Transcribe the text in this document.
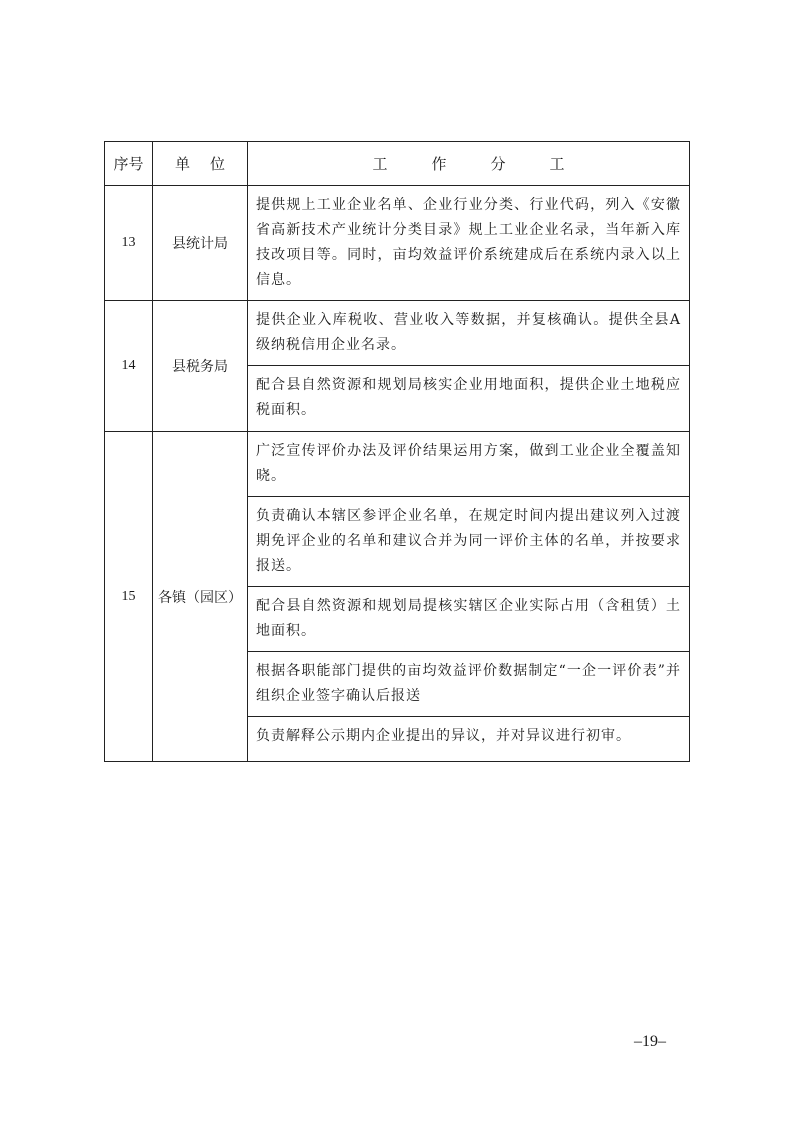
序号	单 位	工 作 分 工
13	县统计局	提供规上工业企业名单、企业行业分类、行业代码，列入《安徽省高新技术产业统计分类目录》规上工业企业名录，当年新入库技改项目等。同时，亩均效益评价系统建成后在系统内录入以上信息。
14	县税务局	提供企业入库税收、营业收入等数据，并复核确认。提供全县A级纳税信用企业名录。
		配合县自然资源和规划局核实企业用地面积，提供企业土地税应税面积。
15	各镇（园区）	广泛宣传评价办法及评价结果运用方案，做到工业企业全覆盖知晓。
		负责确认本辖区参评企业名单，在规定时间内提出建议列入过渡期免评企业的名单和建议合并为同一评价主体的名单，并按要求报送。
		配合县自然资源和规划局提核实辖区企业实际占用（含租赁）土地面积。
		根据各职能部门提供的亩均效益评价数据制定“一企一评价表”并组织企业签字确认后报送
		负责解释公示期内企业提出的异议，并对异议进行初审。
–19–
